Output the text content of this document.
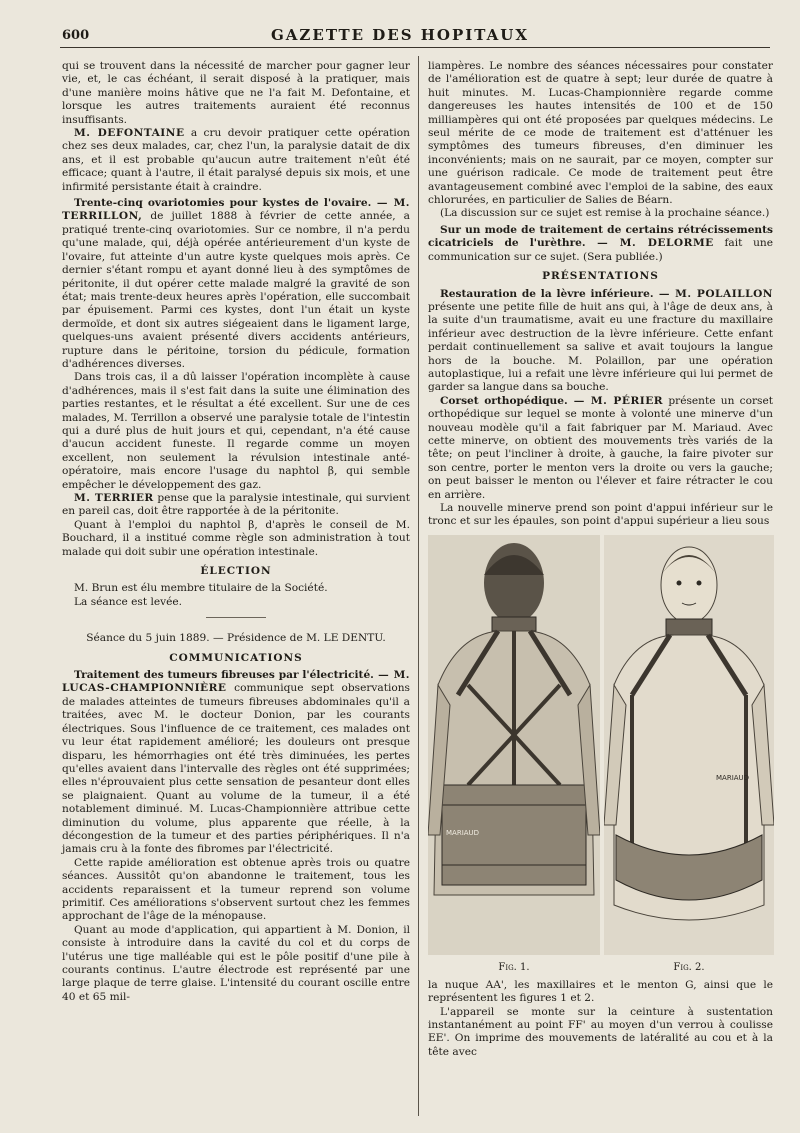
600	GAZETTE DES HOPITAUX

qui se trouvent dans la nécessité de marcher pour gagner leur vie, et, le cas échéant, il serait disposé à la pratiquer, mais d'une manière moins hâtive que ne l'a fait M. Defontaine, et lorsque les autres traitements auraient été reconnus insuffisants.

M. DEFONTAINE a cru devoir pratiquer cette opération chez ses deux malades, car, chez l'un, la paralysie datait de dix ans, et il est probable qu'aucun autre traitement n'eût été efficace; quant à l'autre, il était paralysé depuis six mois, et une infirmité persistante était à craindre.

Trente-cinq ovariotomies pour kystes de l'ovaire. — M. TERRILLON, de juillet 1888 à février de cette année, a pratiqué trente-cinq ovariotomies. Sur ce nombre, il n'a perdu qu'une malade, qui, déjà opérée antérieurement d'un kyste de l'ovaire, fut atteinte d'un autre kyste quelques mois après. Ce dernier s'étant rompu et ayant donné lieu à des symptômes de péritonite, il dut opérer cette malade malgré la gravité de son état; mais trente-deux heures après l'opération, elle succombait par épuisement. Parmi ces kystes, dont l'un était un kyste dermoïde, et dont six autres siégeaient dans le ligament large, quelques-uns avaient présenté divers accidents antérieurs, rupture dans le péritoine, torsion du pédicule, formation d'adhérences diverses.

Dans trois cas, il a dû laisser l'opération incomplète à cause d'adhérences, mais il s'est fait dans la suite une élimination des parties restantes, et le résultat a été excellent. Sur une de ces malades, M. Terrillon a observé une paralysie totale de l'intestin qui a duré plus de huit jours et qui, cependant, n'a été cause d'aucun accident funeste. Il regarde comme un moyen excellent, non seulement la révulsion intestinale anté-opératoire, mais encore l'usage du naphtol β, qui semble empêcher le développement des gaz.

M. TERRIER pense que la paralysie intestinale, qui survient en pareil cas, doit être rapportée à de la péritonite.

Quant à l'emploi du naphtol β, d'après le conseil de M. Bouchard, il a institué comme règle son administration à tout malade qui doit subir une opération intestinale.

ÉLECTION

M. Brun est élu membre titulaire de la Société.

La séance est levée.

Séance du 5 juin 1889. — Présidence de M. LE DENTU.
COMMUNICATIONS

Traitement des tumeurs fibreuses par l'électricité. — M. LUCAS-CHAMPIONNIÈRE communique sept observations de malades atteintes de tumeurs fibreuses abdominales qu'il a traitées, avec M. le docteur Donion, par les courants électriques. Sous l'influence de ce traitement, ces malades ont vu leur état rapidement amélioré; les douleurs ont presque disparu, les hémorrhagies ont été très diminuées, les pertes qu'elles avaient dans l'intervalle des règles ont été supprimées; elles n'éprouvaient plus cette sensation de pesanteur dont elles se plaignaient. Quant au volume de la tumeur, il a été notablement diminué. M. Lucas-Championnière attribue cette diminution du volume, plus apparente que réelle, à la décongestion de la tumeur et des parties périphériques. Il n'a jamais cru à la fonte des fibromes par l'électricité.

Cette rapide amélioration est obtenue après trois ou quatre séances. Aussitôt qu'on abandonne le traitement, tous les accidents reparaissent et la tumeur reprend son volume primitif. Ces améliorations s'observent surtout chez les femmes approchant de l'âge de la ménopause.

Quant au mode d'application, qui appartient à M. Donion, il consiste à introduire dans la cavité du col et du corps de l'utérus une tige malléable qui est le pôle positif d'une pile à courants continus. L'autre électrode est représenté par une large plaque de terre glaise. L'intensité du courant oscille entre 40 et 65 mil-

liampères. Le nombre des séances nécessaires pour constater de l'amélioration est de quatre à sept; leur durée de quatre à huit minutes. M. Lucas-Championnière regarde comme dangereuses les hautes intensités de 100 et de 150 milliampères qui ont été proposées par quelques médecins. Le seul mérite de ce mode de traitement est d'atténuer les symptômes des tumeurs fibreuses, d'en diminuer les inconvénients; mais on ne saurait, par ce moyen, compter sur une guérison radicale. Ce mode de traitement peut être avantageusement combiné avec l'emploi de la sabine, des eaux chlorurées, en particulier de Salies de Béarn.

(La discussion sur ce sujet est remise à la prochaine séance.)

Sur un mode de traitement de certains rétrécissements cicatriciels de l'urèthre. — M. DELORME fait une communication sur ce sujet. (Sera publiée.)

PRÉSENTATIONS

Restauration de la lèvre inférieure. — M. POLAILLON présente une petite fille de huit ans qui, à l'âge de deux ans, à la suite d'un traumatisme, avait eu une fracture du maxillaire inférieur avec destruction de la lèvre inférieure. Cette enfant perdait continuellement sa salive et avait toujours la langue hors de la bouche. M. Polaillon, par une opération autoplastique, lui a refait une lèvre inférieure qui lui permet de garder sa langue dans sa bouche.

Corset orthopédique. — M. PÉRIER présente un corset orthopédique sur lequel se monte à volonté une minerve d'un nouveau modèle qu'il a fait fabriquer par M. Mariaud. Avec cette minerve, on obtient des mouvements très variés de la tête; on peut l'incliner à droite, à gauche, la faire pivoter sur son centre, porter le menton vers la droite ou vers la gauche; on peut baisser le menton ou l'élever et faire rétracter le cou en arrière.

La nouvelle minerve prend son point d'appui inférieur sur le tronc et sur les épaules, son point d'appui supérieur a lieu sous

MARIAUD
Fig. 1.
MARIAUD
Fig. 2.

la nuque AA', les maxillaires et le menton G, ainsi que le représentent les figures 1 et 2.

L'appareil se monte sur la ceinture à sustentation instantanément au point FF' au moyen d'un verrou à coulisse EE'. On imprime des mouvements de latéralité au cou et à la tête avec
